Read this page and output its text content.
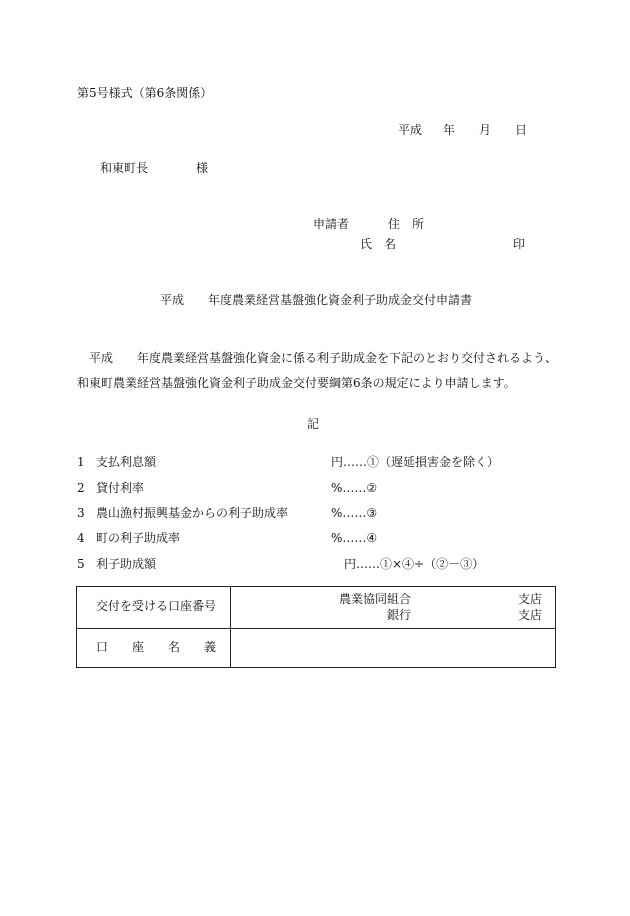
第5号様式（第6条関係）
平成 年 月 日
和東町長	様
申請者	住　所
氏　名	印
平成　　年度農業経営基盤強化資金利子助成金交付申請書
平成　　年度農業経営基盤強化資金に係る利子助成金を下記のとおり交付されるよう、
和東町農業経営基盤強化資金利子助成金交付要綱第6条の規定により申請します。
記
1 支払利息額	円……①（遅延損害金を除く）
2 貸付利率	%……②
3 農山漁村振興基金からの利子助成率	%……③
4 町の利子助成率	%……④
5 利子助成額	円……①×④÷（②－③）
交付を受ける口座番号	農業協同組合	支店
銀行	支店
口 座 名 義
